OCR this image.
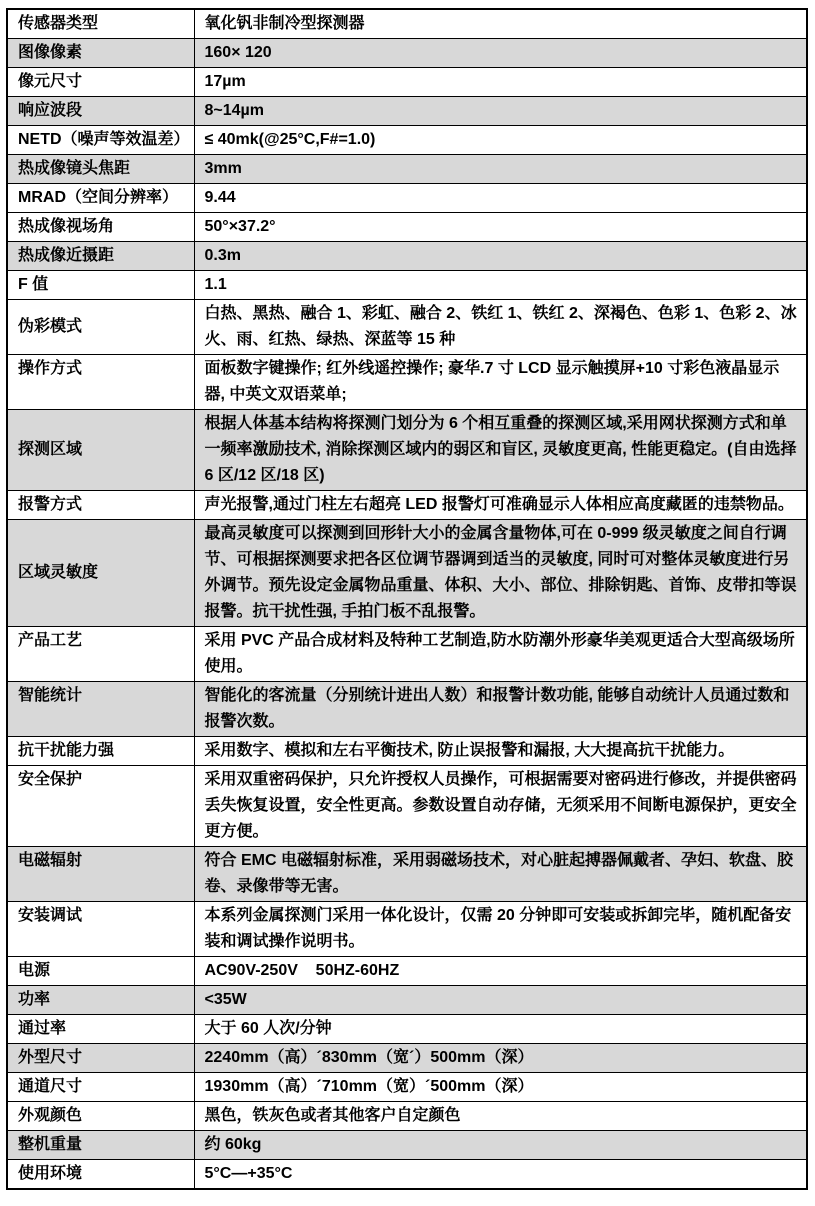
传感器类型	氧化钒非制冷型探测器
图像像素	160× 120
像元尺寸	17µm
响应波段	8~14µm
NETD（噪声等效温差）	≤ 40mk(@25°C,F#=1.0)
热成像镜头焦距	3mm
MRAD（空间分辨率）	9.44
热成像视场角	50°×37.2°
热成像近摄距	0.3m
F 值	1.1
伪彩模式	白热、黑热、融合 1、彩虹、融合 2、铁红 1、铁红 2、深褐色、色彩 1、色彩 2、冰火、雨、红热、绿热、深蓝等 15 种
操作方式	面板数字键操作; 红外线遥控操作; 豪华.7 寸 LCD 显示触摸屏+10 寸彩色液晶显示器, 中英文双语菜单;
探测区域	根据人体基本结构将探测门划分为 6 个相互重叠的探测区域,采用网状探测方式和单一频率激励技术, 消除探测区域内的弱区和盲区, 灵敏度更高, 性能更稳定。(自由选择 6 区/12 区/18 区)
报警方式	声光报警,通过门柱左右超亮 LED 报警灯可准确显示人体相应高度藏匿的违禁物品。
区域灵敏度	最高灵敏度可以探测到回形针大小的金属含量物体,可在 0-999 级灵敏度之间自行调节、可根据探测要求把各区位调节器调到适当的灵敏度, 同时可对整体灵敏度进行另外调节。预先设定金属物品重量、体积、大小、部位、排除钥匙、首饰、皮带扣等误报警。抗干扰性强, 手拍门板不乱报警。
产品工艺	采用 PVC 产品合成材料及特种工艺制造,防水防潮外形豪华美观更适合大型高级场所使用。
智能统计	智能化的客流量（分别统计进出人数）和报警计数功能, 能够自动统计人员通过数和报警次数。
抗干扰能力强	采用数字、模拟和左右平衡技术, 防止误报警和漏报, 大大提高抗干扰能力。
安全保护	采用双重密码保护，只允许授权人员操作，可根据需要对密码进行修改，并提供密码丢失恢复设置，安全性更高。参数设置自动存储，无须采用不间断电源保护，更安全更方便。
电磁辐射	符合 EMC 电磁辐射标准，采用弱磁场技术，对心脏起搏器佩戴者、孕妇、软盘、胶卷、录像带等无害。
安装调试	本系列金属探测门采用一体化设计，仅需 20 分钟即可安装或拆卸完毕，随机配备安装和调试操作说明书。
电源	AC90V-250V    50HZ-60HZ
功率	<35W
通过率	大于 60 人次/分钟
外型尺寸	2240mm（高）´830mm（宽´）500mm（深）
通道尺寸	1930mm（高）´710mm（宽）´500mm（深）
外观颜色	黑色，铁灰色或者其他客户自定颜色
整机重量	约 60kg
使用环境	5°C—+35°C
